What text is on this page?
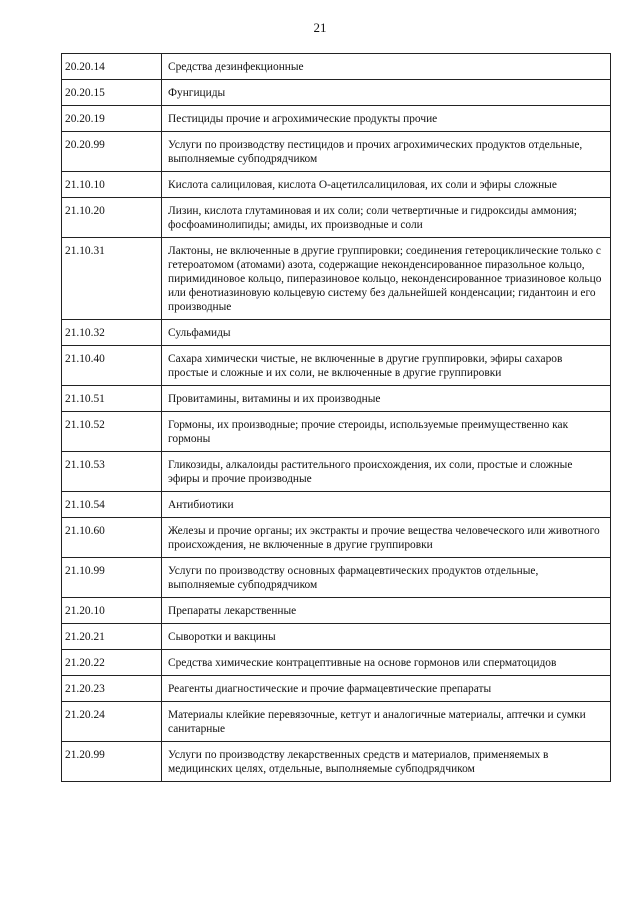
21
20.20.14	Средства дезинфекционные
20.20.15	Фунгициды
20.20.19	Пестициды прочие и агрохимические продукты прочие
20.20.99	Услуги по производству пестицидов и прочих агрохимических продуктов отдельные, выполняемые субподрядчиком
21.10.10	Кислота салициловая, кислота О-ацетилсалициловая, их соли и эфиры сложные
21.10.20	Лизин, кислота глутаминовая и их соли; соли четвертичные и гидроксиды аммония; фосфоаминолипиды; амиды, их производные и соли
21.10.31	Лактоны, не включенные в другие группировки; соединения гетероциклические только с гетероатомом (атомами) азота, содержащие неконденсированное пиразольное кольцо, пиримидиновое кольцо, пиперазиновое кольцо, неконденсированное триазиновое кольцо или фенотиазиновую кольцевую систему без дальнейшей конденсации; гидантоин и его производные
21.10.32	Сульфамиды
21.10.40	Сахара химически чистые, не включенные в другие группировки, эфиры сахаров простые и сложные и их соли, не включенные в другие группировки
21.10.51	Провитамины, витамины и их производные
21.10.52	Гормоны, их производные; прочие стероиды, используемые преимущественно как гормоны
21.10.53	Гликозиды, алкалоиды растительного происхождения, их соли, простые и сложные эфиры и прочие производные
21.10.54	Антибиотики
21.10.60	Железы и прочие органы; их экстракты и прочие вещества человеческого или животного происхождения, не включенные в другие группировки
21.10.99	Услуги по производству основных фармацевтических продуктов отдельные, выполняемые субподрядчиком
21.20.10	Препараты лекарственные
21.20.21	Сыворотки и вакцины
21.20.22	Средства химические контрацептивные на основе гормонов или сперматоцидов
21.20.23	Реагенты диагностические и прочие фармацевтические препараты
21.20.24	Материалы клейкие перевязочные, кетгут и аналогичные материалы, аптечки и сумки санитарные
21.20.99	Услуги по производству лекарственных средств и материалов, применяемых в медицинских целях, отдельные, выполняемые субподрядчиком
